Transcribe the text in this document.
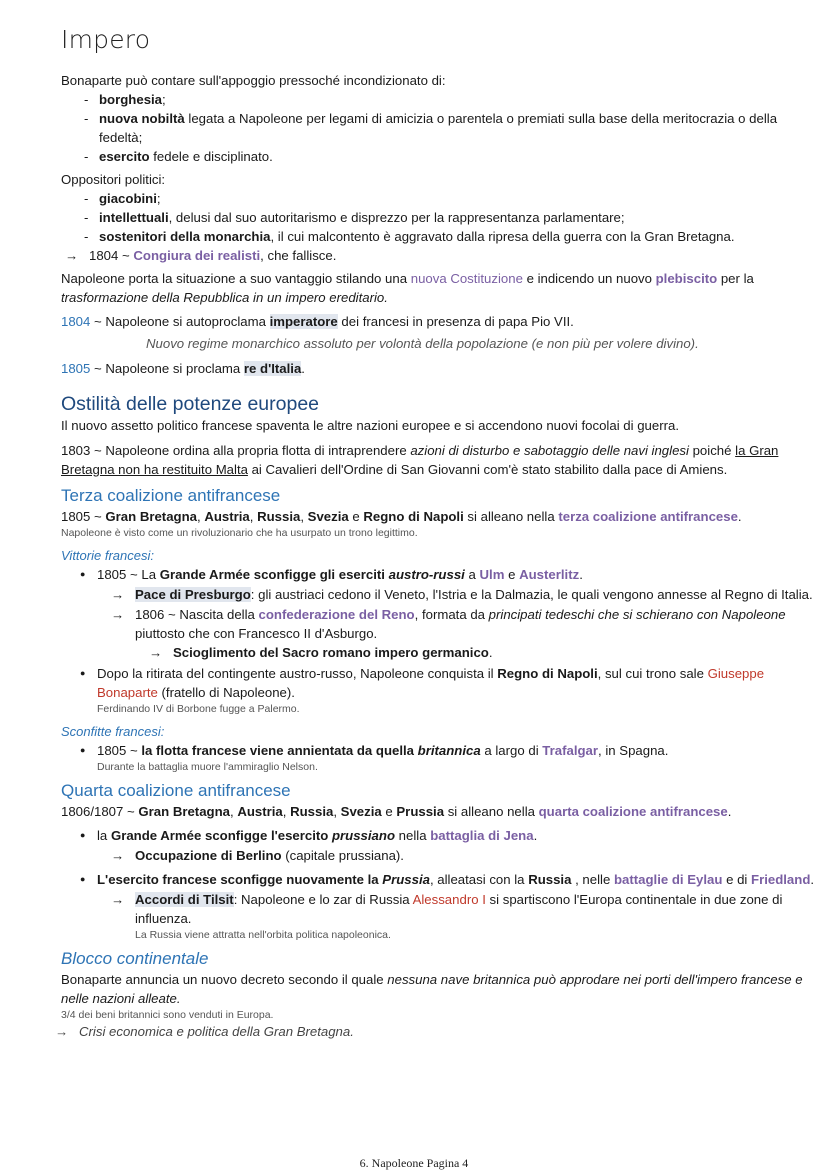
Impero

Bonaparte può contare sull'appoggio pressoché incondizionato di:

- borghesia;
- nuova nobiltà legata a Napoleone per legami di amicizia o parentela o premiati sulla base della meritocrazia o della fedeltà;
- esercito fedele e disciplinato.

Oppositori politici:

- giacobini;
- intellettuali, delusi dal suo autoritarismo e disprezzo per la rappresentanza parlamentare;
- sostenitori della monarchia, il cui malcontento è aggravato dalla ripresa della guerra con la Gran Bretagna.

→ 1804 ~ Congiura dei realisti, che fallisce.

Napoleone porta la situazione a suo vantaggio stilando una nuova Costituzione e indicendo un nuovo plebiscito per la trasformazione della Repubblica in un impero ereditario.

1804 ~ Napoleone si autoproclama imperatore dei francesi in presenza di papa Pio VII.

Nuovo regime monarchico assoluto per volontà della popolazione (e non più per volere divino).

1805 ~ Napoleone si proclama re d'Italia.

Ostilità delle potenze europee

Il nuovo assetto politico francese spaventa le altre nazioni europee e si accendono nuovi focolai di guerra.

1803 ~ Napoleone ordina alla propria flotta di intraprendere azioni di disturbo e sabotaggio delle navi inglesi poiché la Gran Bretagna non ha restituito Malta ai Cavalieri dell'Ordine di San Giovanni com'è stato stabilito dalla pace di Amiens.

Terza coalizione antifrancese

1805 ~ Gran Bretagna, Austria, Russia, Svezia e Regno di Napoli si alleano nella terza coalizione antifrancese.

Napoleone è visto come un rivoluzionario che ha usurpato un trono legittimo.

Vittorie francesi:

● 1805 ~ La Grande Armée sconfigge gli eserciti austro-russi a Ulm e Austerlitz.

→ Pace di Presburgo: gli austriaci cedono il Veneto, l'Istria e la Dalmazia, le quali vengono annesse al Regno di Italia.

→ 1806 ~ Nascita della confederazione del Reno, formata da principati tedeschi che si schierano con Napoleone piuttosto che con Francesco II d'Asburgo.

→ Scioglimento del Sacro romano impero germanico.

● Dopo la ritirata del contingente austro-russo, Napoleone conquista il Regno di Napoli, sul cui trono sale Giuseppe Bonaparte (fratello di Napoleone).

Ferdinando IV di Borbone fugge a Palermo.

Sconfitte francesi:

● 1805 ~ la flotta francese viene annientata da quella britannica a largo di Trafalgar, in Spagna.

Durante la battaglia muore l'ammiraglio Nelson.

Quarta coalizione antifrancese

1806/1807 ~ Gran Bretagna, Austria, Russia, Svezia e Prussia si alleano nella quarta coalizione antifrancese.

● la Grande Armée sconfigge l'esercito prussiano nella battaglia di Jena.

→ Occupazione di Berlino (capitale prussiana).

● L'esercito francese sconfigge nuovamente la Prussia, alleatasi con la Russia , nelle battaglie di Eylau e di Friedland.

→ Accordi di Tilsit: Napoleone e lo zar di Russia Alessandro I si spartiscono l'Europa continentale in due zone di influenza.

La Russia viene attratta nell'orbita politica napoleonica.

Blocco continentale

Bonaparte annuncia un nuovo decreto secondo il quale nessuna nave britannica può approdare nei porti dell'impero francese e nelle nazioni alleate.

3/4 dei beni britannici sono venduti in Europa.

→ Crisi economica e politica della Gran Bretagna.

6. Napoleone Pagina 4
